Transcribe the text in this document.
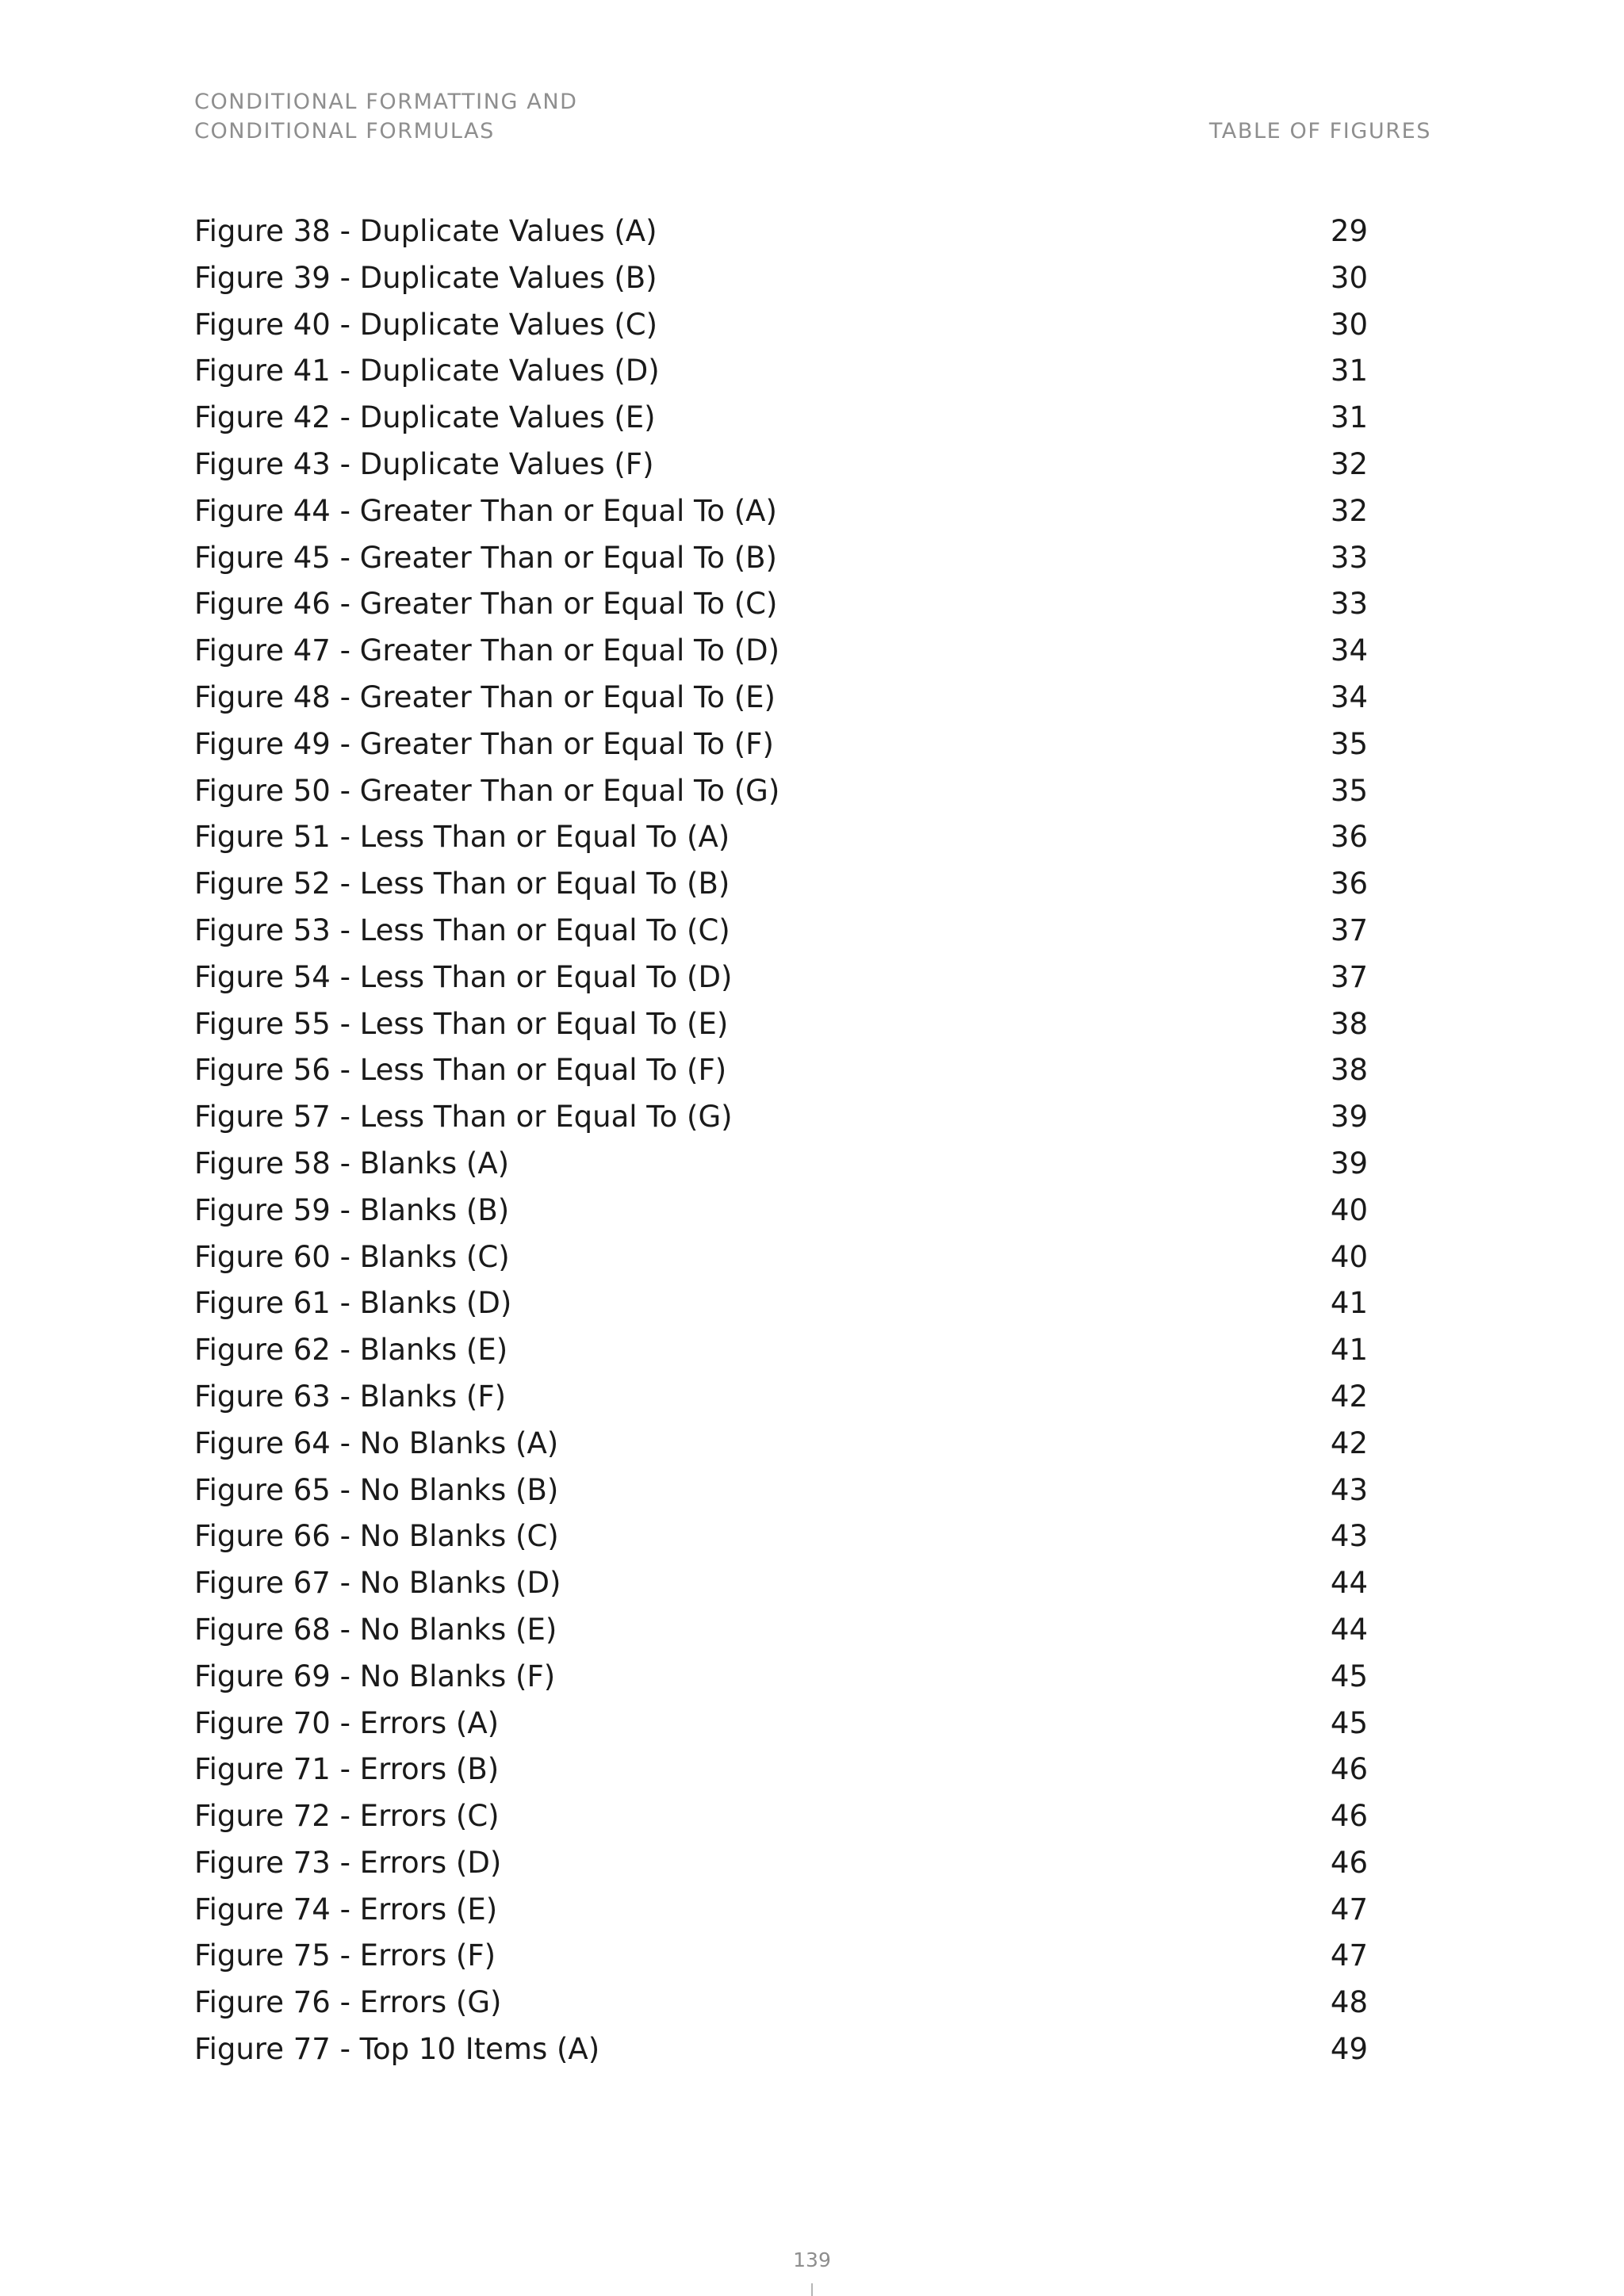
CONDITIONAL FORMATTING AND
CONDITIONAL FORMULAS	TABLE OF FIGURES
Figure 38 - Duplicate Values (A)	29
Figure 39 - Duplicate Values (B)	30
Figure 40 - Duplicate Values (C)	30
Figure 41 - Duplicate Values (D)	31
Figure 42 - Duplicate Values (E)	31
Figure 43 - Duplicate Values (F)	32
Figure 44 - Greater Than or Equal To (A)	32
Figure 45 - Greater Than or Equal To (B)	33
Figure 46 - Greater Than or Equal To (C)	33
Figure 47 - Greater Than or Equal To (D)	34
Figure 48 - Greater Than or Equal To (E)	34
Figure 49 - Greater Than or Equal To (F)	35
Figure 50 - Greater Than or Equal To (G)	35
Figure 51 - Less Than or Equal To (A)	36
Figure 52 - Less Than or Equal To (B)	36
Figure 53 - Less Than or Equal To (C)	37
Figure 54 - Less Than or Equal To (D)	37
Figure 55 - Less Than or Equal To (E)	38
Figure 56 - Less Than or Equal To (F)	38
Figure 57 - Less Than or Equal To (G)	39
Figure 58 - Blanks (A)	39
Figure 59 - Blanks (B)	40
Figure 60 - Blanks (C)	40
Figure 61 - Blanks (D)	41
Figure 62 - Blanks (E)	41
Figure 63 - Blanks (F)	42
Figure 64 - No Blanks (A)	42
Figure 65 - No Blanks (B)	43
Figure 66 - No Blanks (C)	43
Figure 67 - No Blanks (D)	44
Figure 68 - No Blanks (E)	44
Figure 69 - No Blanks (F)	45
Figure 70 - Errors (A)	45
Figure 71 - Errors (B)	46
Figure 72 - Errors (C)	46
Figure 73 - Errors (D)	46
Figure 74 - Errors (E)	47
Figure 75 - Errors (F)	47
Figure 76 - Errors (G)	48
Figure 77 - Top 10 Items (A)	49
139
